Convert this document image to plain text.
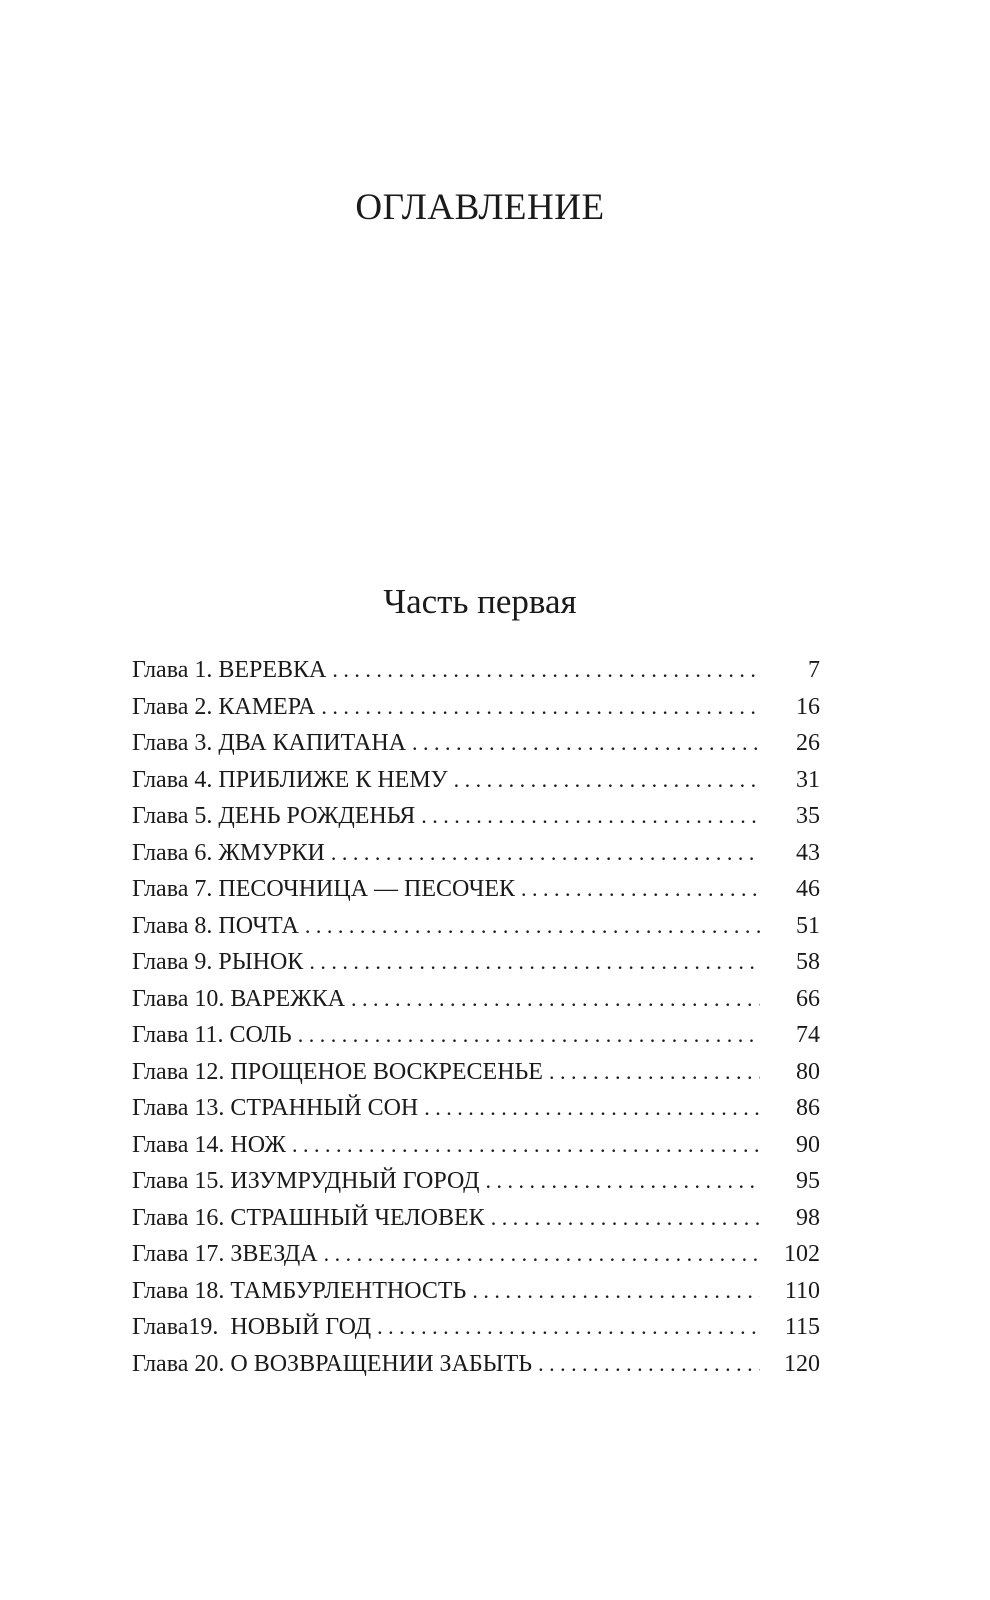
ОГЛАВЛЕНИЕ
Часть первая
Глава 1. ВЕРЕВКА . . .	7
Глава 2. КАМЕРА . . .	16
Глава 3. ДВА КАПИТАНА . . .	26
Глава 4. ПРИБЛИЖЕ К НЕМУ . . .	31
Глава 5. ДЕНЬ РОЖДЕНЬЯ . . .	35
Глава 6. ЖМУРКИ . . .	43
Глава 7. ПЕСОЧНИЦА — ПЕСОЧЕК . . .	46
Глава 8. ПОЧТА . . .	51
Глава 9. РЫНОК . . .	58
Глава 10. ВАРЕЖКА . . .	66
Глава 11. СОЛЬ . . .	74
Глава 12. ПРОЩЕНОЕ ВОСКРЕСЕНЬЕ . . .	80
Глава 13. СТРАННЫЙ СОН . . .	86
Глава 14. НОЖ . . .	90
Глава 15. ИЗУМРУДНЫЙ ГОРОД . . .	95
Глава 16. СТРАШНЫЙ ЧЕЛОВЕК . . .	98
Глава 17. ЗВЕЗДА . . .	102
Глава 18. ТАМБУРЛЕНТНОСТЬ . . .	110
Глава19.  НОВЫЙ ГОД . . .	115
Глава 20. О ВОЗВРАЩЕНИИ ЗАБЫТЬ . . .	120
